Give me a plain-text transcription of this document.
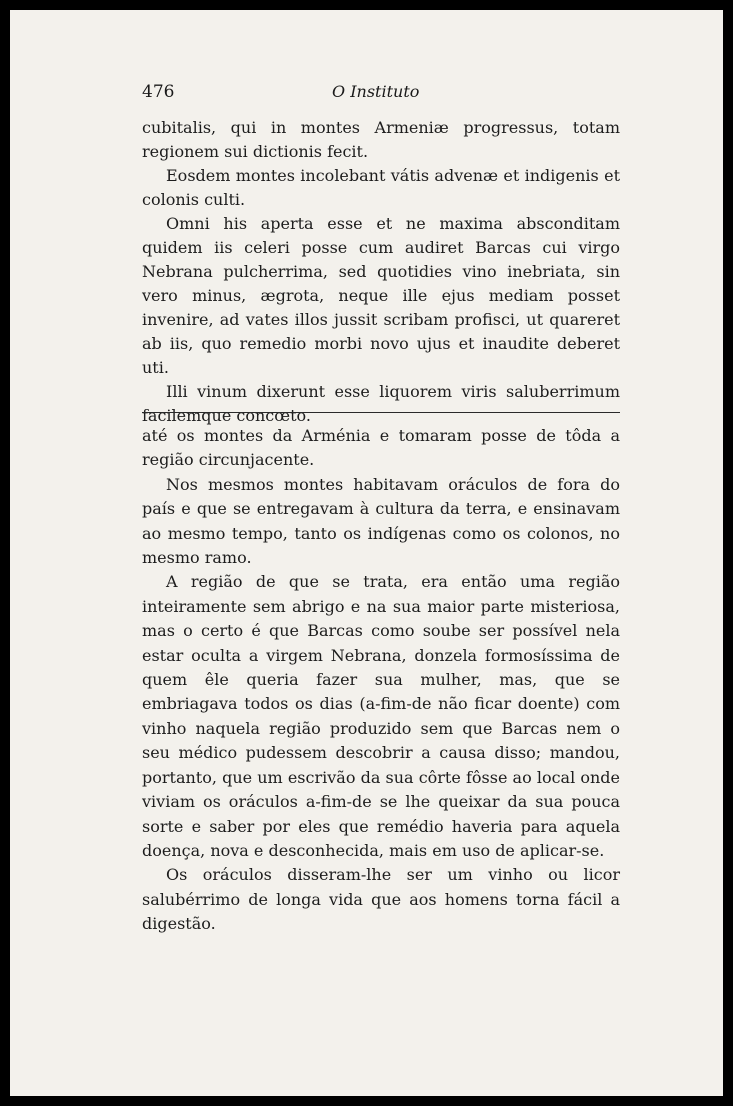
476	O Instituto

cubitalis, qui in montes Armeniæ progressus, totam regionem sui dictionis fecit.

Eosdem montes incolebant vátis advenæ et indigenis et colonis culti.

Omni his aperta esse et ne maxima absconditam quidem iis celeri posse cum audiret Barcas cui virgo Nebrana pulcherrima, sed quotidies vino inebriata, sin vero minus, ægrota, neque ille ejus mediam posset invenire, ad vates illos jussit scribam profisci, ut quareret ab iis, quo remedio morbi novo ujus et inaudite deberet uti.

Illi vinum dixerunt esse liquorem viris saluberrimum facilemque concœto.

até os montes da Arménia e tomaram posse de tôda a região circunjacente.

Nos mesmos montes habitavam oráculos de fora do país e que se entregavam à cultura da terra, e ensinavam ao mesmo tempo, tanto os indígenas como os colonos, no mesmo ramo.

A região de que se trata, era então uma região inteiramente sem abrigo e na sua maior parte misteriosa, mas o certo é que Barcas como soube ser possível nela estar oculta a virgem Nebrana, donzela formosíssima de quem êle queria fazer sua mulher, mas, que se embriagava todos os dias (a-fim-de não ficar doente) com vinho naquela região produzido sem que Barcas nem o seu médico pudessem descobrir a causa disso; mandou, portanto, que um escrivão da sua côrte fôsse ao local onde viviam os oráculos a-fim-de se lhe queixar da sua pouca sorte e saber por eles que remédio haveria para aquela doença, nova e desconhecida, mais em uso de aplicar-se.

Os oráculos disseram-lhe ser um vinho ou licor salubérrimo de longa vida que aos homens torna fácil a digestão.
